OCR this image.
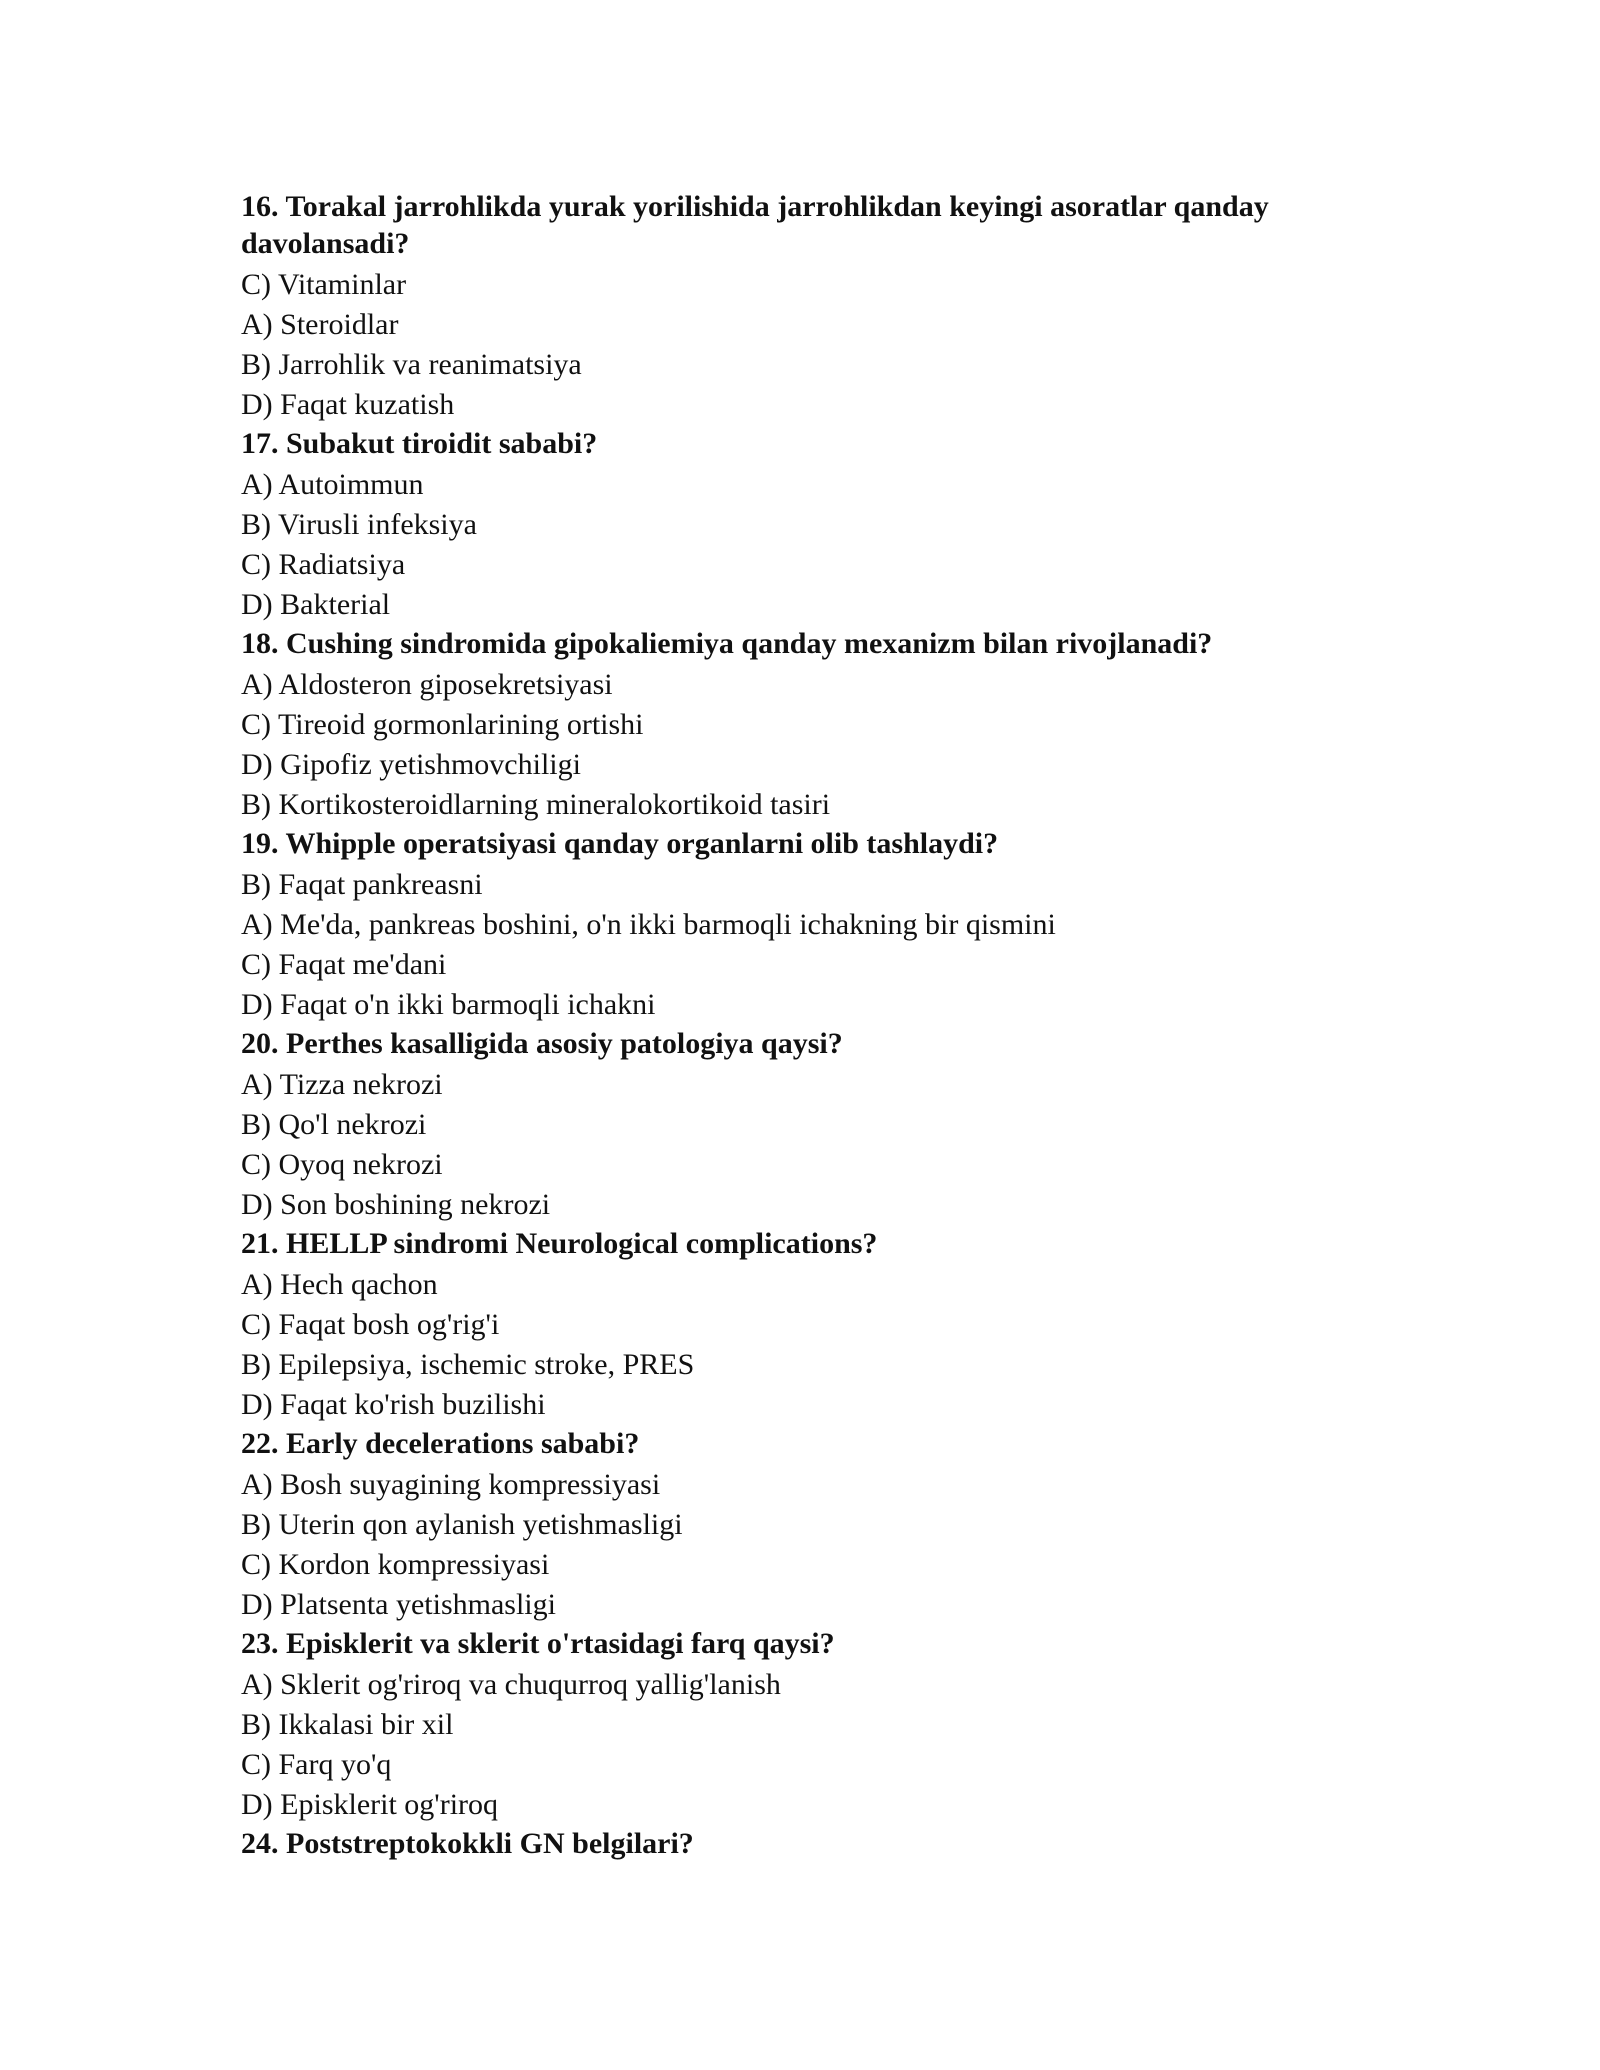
16. Torakal jarrohlikda yurak yorilishida jarrohlikdan keyingi asoratlar qanday davolansadi?

C) Vitaminlar

A) Steroidlar

B) Jarrohlik va reanimatsiya

D) Faqat kuzatish

17. Subakut tiroidit sababi?

A) Autoimmun

B) Virusli infeksiya

C) Radiatsiya

D) Bakterial

18. Cushing sindromida gipokaliemiya qanday mexanizm bilan rivojlanadi?

A) Aldosteron giposekretsiyasi

C) Tireoid gormonlarining ortishi

D) Gipofiz yetishmovchiligi

B) Kortikosteroidlarning mineralokortikoid tasiri

19. Whipple operatsiyasi qanday organlarni olib tashlaydi?

B) Faqat pankreasni

A) Me'da, pankreas boshini, o'n ikki barmoqli ichakning bir qismini

C) Faqat me'dani

D) Faqat o'n ikki barmoqli ichakni

20. Perthes kasalligida asosiy patologiya qaysi?

A) Tizza nekrozi

B) Qo'l nekrozi

C) Oyoq nekrozi

D) Son boshining nekrozi

21. HELLP sindromi Neurological complications?

A) Hech qachon

C) Faqat bosh og'rig'i

B) Epilepsiya, ischemic stroke, PRES

D) Faqat ko'rish buzilishi

22. Early decelerations sababi?

A) Bosh suyagining kompressiyasi

B) Uterin qon aylanish yetishmasligi

C) Kordon kompressiyasi

D) Platsenta yetishmasligi

23. Episklerit va sklerit o'rtasidagi farq qaysi?

A) Sklerit og'riroq va chuqurroq yallig'lanish

B) Ikkalasi bir xil

C) Farq yo'q

D) Episklerit og'riroq

24. Poststreptokokkli GN belgilari?
